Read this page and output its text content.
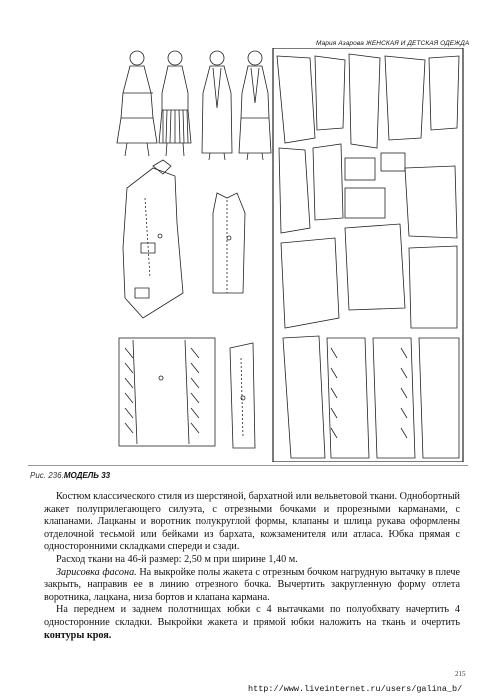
Мария Азарова ЖЕНСКАЯ И ДЕТСКАЯ ОДЕЖДА
Рис. 236.МОДЕЛЬ 33

Костюм классического стиля из шерстяной, бархатной или вельветовой ткани. Однобортный жакет полуприлегающего силуэта, с отрезными бочками и прорезными карманами, с клапанами. Лацканы и воротник полукруглой формы, клапаны и шлица рукава оформлены отделочной тесьмой или бейками из бархата, кожзаменителя или атласа. Юбка прямая с односторонними складками спереди и сзади.

Расход ткани на 46-й размер: 2,50 м при ширине 1,40 м.

Зарисовка фасона. На выкройке полы жакета с отрезным бочком нагрудную вытачку в плече закрыть, направив ее в линию отрезного бочка. Вычертить закругленную форму отлета воротника, лацкана, низа бортов и клапана кармана.

На переднем и заднем полотнищах юбки с 4 вытачками по полуобхвату начертить 4 односторонние складки. Выкройки жакета и прямой юбки наложить на ткань и очертить контуры кроя.

215
http://www.liveinternet.ru/users/galina_b/
